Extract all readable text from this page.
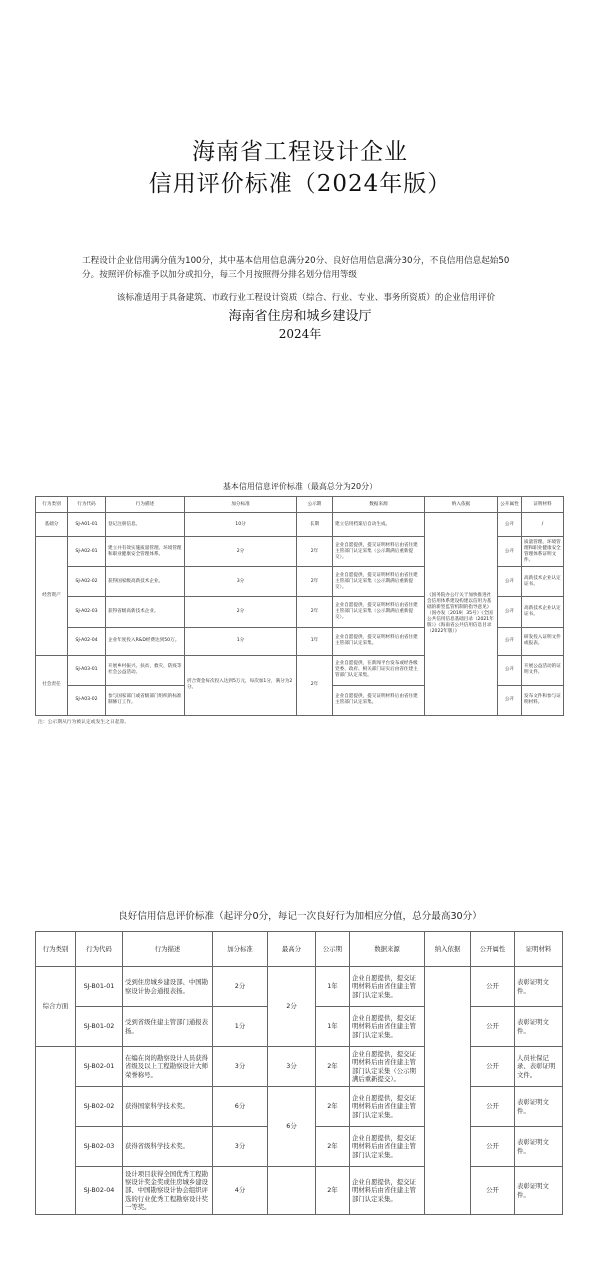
海南省工程设计企业
信用评价标准（2024年版）
工程设计企业信用满分值为100分，其中基本信用信息满分20分、良好信用信息满分30分，不良信用信息起始50分。按照评价标准予以加分或扣分，每三个月按照得分排名划分信用等级
该标准适用于具备建筑、市政行业工程设计资质（综合、行业、专业、事务所资质）的企业信用评价
海南省住房和城乡建设厅
2024年
基本信用信息评价标准（最高总分为20分）
行为类别	行为代码	行为描述	加分标准	公示期	数据来源	纳入依据	公开属性	证明材料
基础分	SJ-A01-01	登记注册信息。	10分	长期	建立信用档案后自动生成。	《国务院办公厅关于加快推进社会信用体系建设构建以信用为基础的新型监管机制的指导意见》（国办发〔2019〕35号）《全国公共信用信息基础目录（2021年版）》《海南省公共信用信息目录（2022年版）》	公开	/
经营资产	SJ-A02-01	建立并有效实施质量管理、环境管理和职业健康安全管理体系。	2分	2年	企业自愿提供，提交证明材料后由省住建主管部门认定采集（公示期满后重新提交）。		公开	质量管理、环境管理和职业健康安全管理体系证明文件。
	SJ-A02-02	获得国家级高新技术企业。	3分	2年	企业自愿提供，提交证明材料后由省住建主管部门认定采集（公示期满后重新提交）。		公开	高新技术企业认定证书。
	SJ-A02-03	获得省级高新技术企业。	2分	2年	企业自愿提供，提交证明材料后由省住建主管部门认定采集（公示期满后重新提交）。		公开	高新技术企业认定证书。
	SJ-A02-04	企业年度投入R&D经费达到50万。	1分	1年	企业自愿提供，提交证明材料后由省住建主管部门认定采集。		公开	研发投入证明文件或报表。
社会责任	SJ-A03-01	开展乡村振兴、扶贫、救灾、防疫等社会公益活动。	折合资金每次投入达到5万元，每次加1分，满分为2分。	2年	企业自愿提供，在新闻平台发布或经各级党委、政府、相关部门证实后由省住建主管部门认定采集。		公开	开展公益活动的证明文件。
	SJ-A03-02	参与国家部门或省级部门组织的标准制修订工作。			企业自愿提供，提交证明材料后由省住建主管部门认定采集。		公开	发布文件和参与证明材料。
注：公示期从行为被认定或发生之日起算。
良好信用信息评价标准（起评分0分，每记一次良好行为加相应分值，总分最高30分）
行为类别	行为代码	行为描述	加分标准	最高分	公示期	数据来源	纳入依据	公开属性	证明材料
综合方面	SJ-B01-01	受到住房城乡建设部、中国勘察设计协会通报表扬。	2分	2分	1年	企业自愿提供，提交证明材料后由省住建主管部门认定采集。		公开	表彰证明文件。
	SJ-B01-02	受到省级住建主管部门通报表扬。	1分		1年	企业自愿提供，提交证明材料后由省住建主管部门认定采集。		公开	表彰证明文件。
	SJ-B02-01	在编在岗的勘察设计人员获得省级及以上工程勘察设计大师荣誉称号。	3分	3分	2年	企业自愿提供，提交证明材料后由省住建主管部门认定采集（公示期满后重新提交）。		公开	人员社保记录、表彰证明文件。
	SJ-B02-02	获得国家科学技术奖。	6分	6分	2年	企业自愿提供，提交证明材料后由省住建主管部门认定采集。		公开	表彰证明文件。
	SJ-B02-03	获得省级科学技术奖。	3分		2年	企业自愿提供，提交证明材料后由省住建主管部门认定采集。		公开	表彰证明文件。
	SJ-B02-04	设计项目获得全国优秀工程勘察设计奖金奖或住房城乡建设部、中国勘察设计协会组织评选的行业优秀工程勘察设计奖一等奖。	4分		2年	企业自愿提供，提交证明材料后由省住建主管部门认定采集。		公开	表彰证明文件。
